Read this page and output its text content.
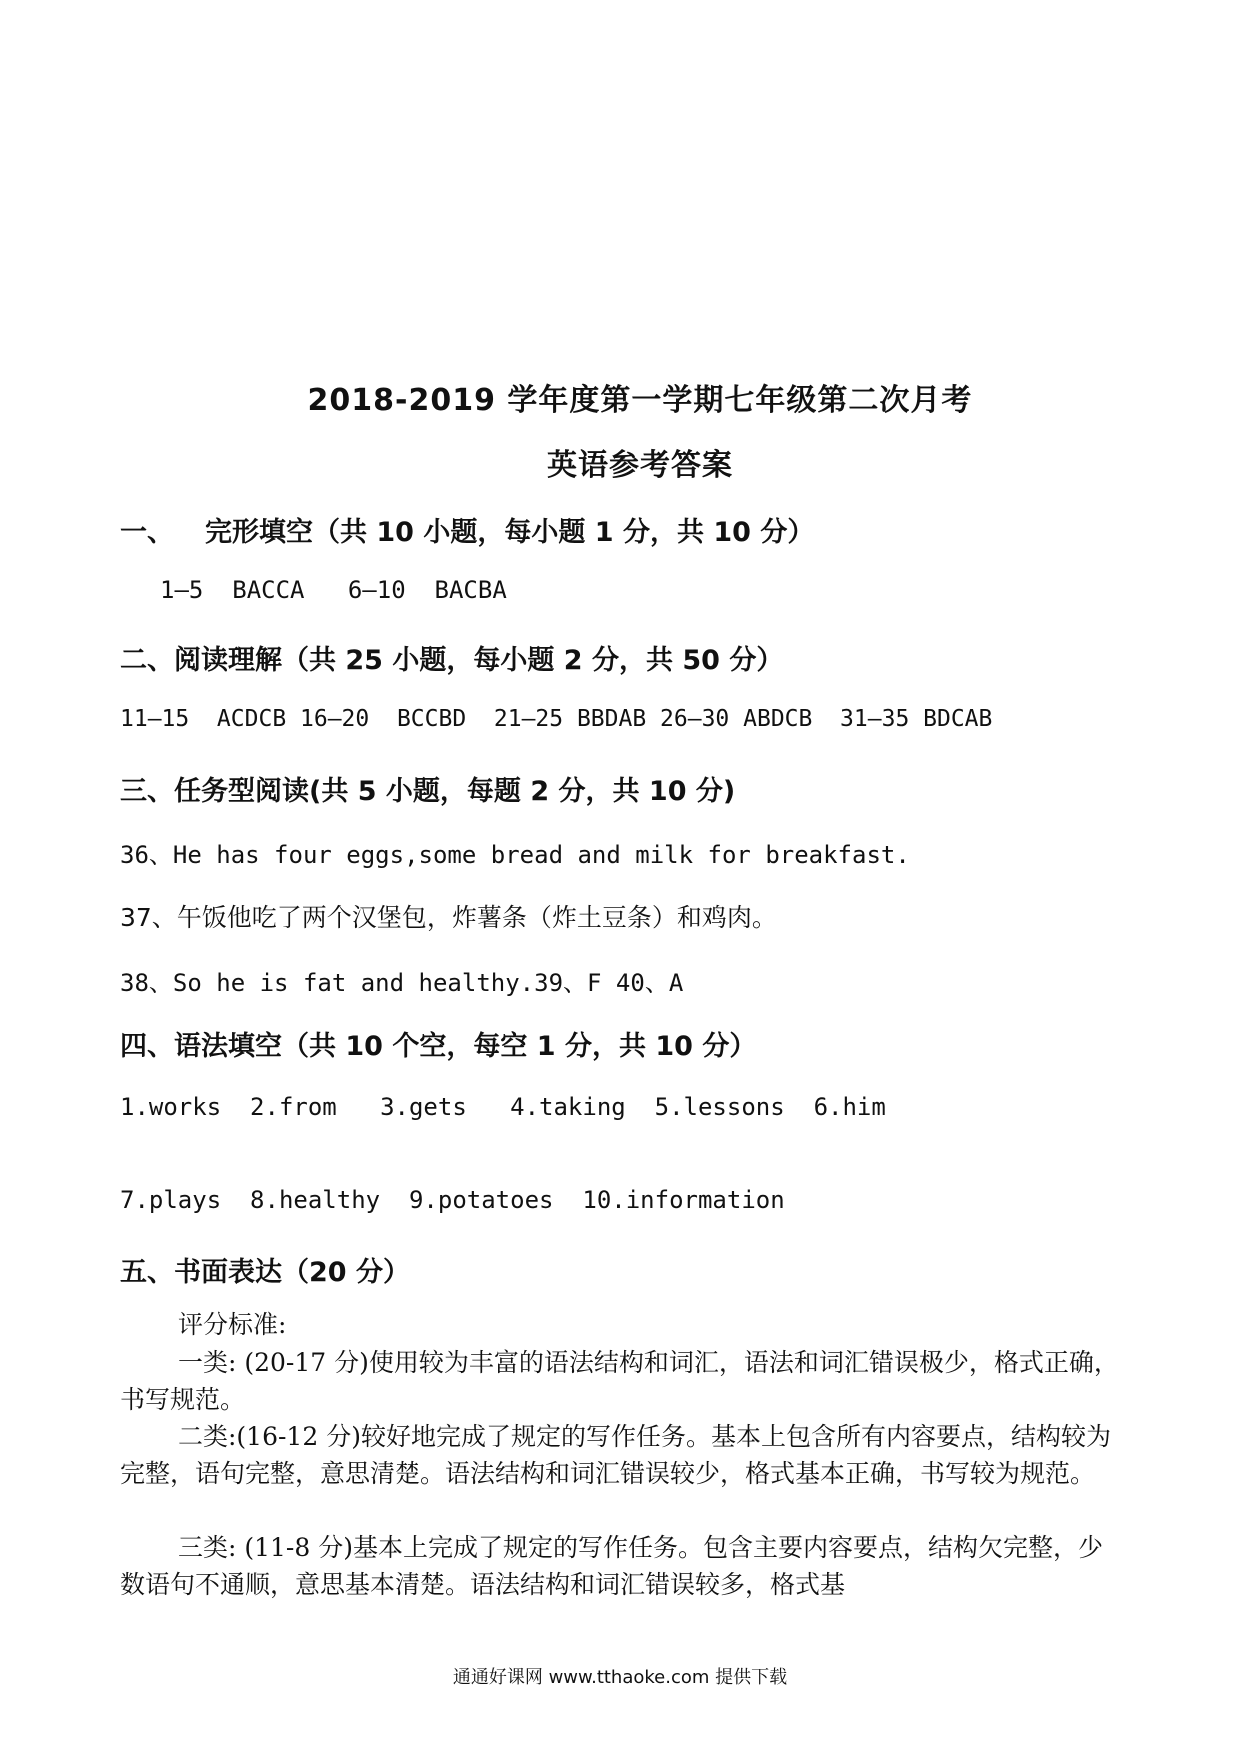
2018-2019 学年度第一学期七年级第二次月考
英语参考答案
一、 完形填空（共 10 小题，每小题 1 分，共 10 分）
1—5  BACCA   6—10  BACBA
二、阅读理解（共 25 小题，每小题 2 分，共 50 分）
11—15  ACDCB 16—20  BCCBD  21—25 BBDAB 26—30 ABDCB  31—35 BDCAB
三、任务型阅读(共 5 小题，每题 2 分，共 10 分)
36、He has four eggs,some bread and milk for breakfast.
37、午饭他吃了两个汉堡包，炸薯条（炸土豆条）和鸡肉。
38、So he is fat and healthy.39、F 40、A
四、语法填空（共 10 个空，每空 1 分，共 10 分）
1.works  2.from   3.gets   4.taking  5.lessons  6.him
7.plays  8.healthy  9.potatoes  10.information
五、书面表达（20 分）
评分标准:
一类: (20-17 分)使用较为丰富的语法结构和词汇，语法和词汇错误极少，格式正确，书写规范。
二类:(16-12 分)较好地完成了规定的写作任务。基本上包含所有内容要点，结构较为完整，语句完整，意思清楚。语法结构和词汇错误较少，格式基本正确，书写较为规范。
三类: (11-8 分)基本上完成了规定的写作任务。包含主要内容要点，结构欠完整，少数语句不通顺，意思基本清楚。语法结构和词汇错误较多，格式基
通通好课网 www.tthaoke.com 提供下载
